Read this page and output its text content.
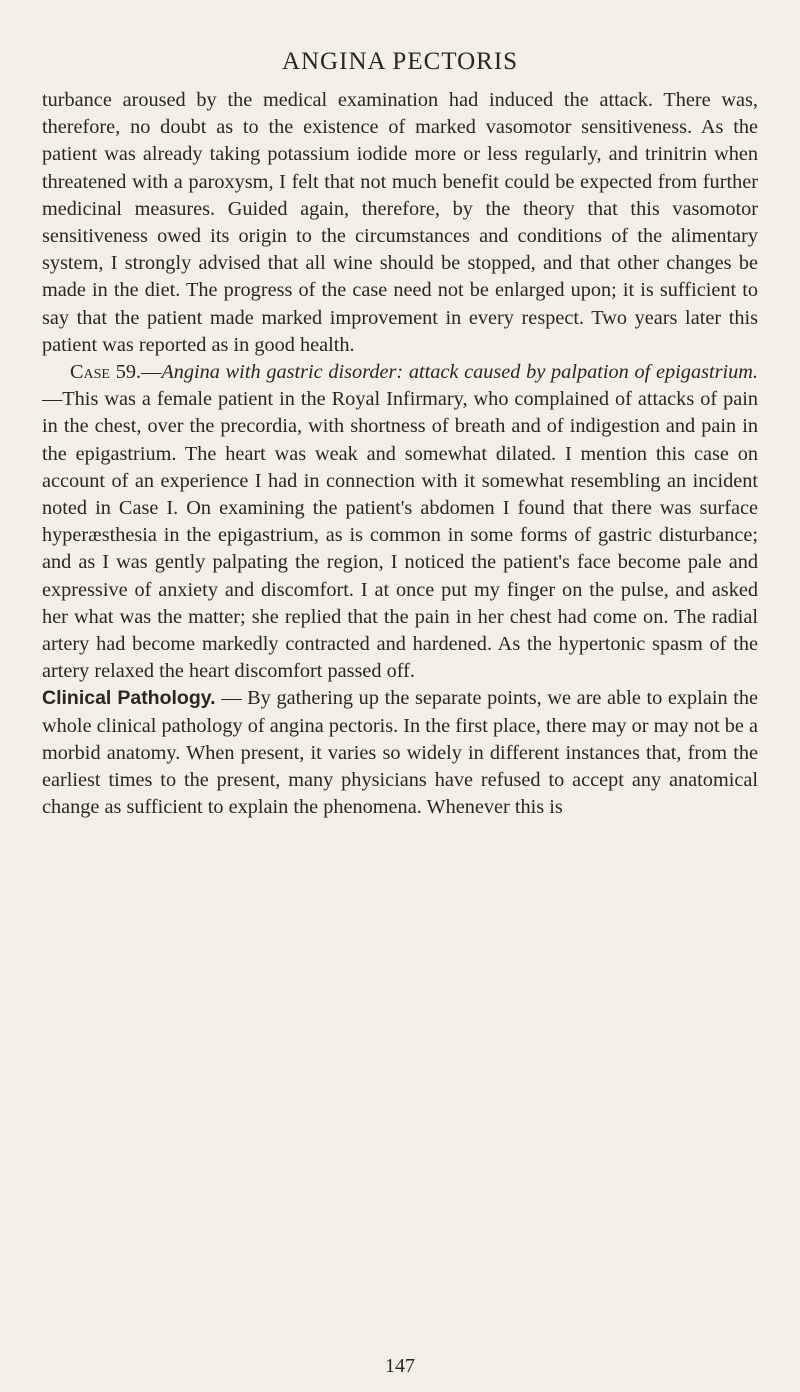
ANGINA PECTORIS

turbance aroused by the medical examination had induced the attack. There was, therefore, no doubt as to the existence of marked vasomotor sensitiveness. As the patient was already taking potassium iodide more or less regularly, and trinitrin when threatened with a paroxysm, I felt that not much benefit could be expected from further medicinal measures. Guided again, therefore, by the theory that this vasomotor sensitiveness owed its origin to the circumstances and conditions of the alimentary system, I strongly advised that all wine should be stopped, and that other changes be made in the diet. The progress of the case need not be enlarged upon; it is sufficient to say that the patient made marked improvement in every respect. Two years later this patient was reported as in good health.

Case 59.—Angina with gastric disorder: attack caused by palpation of epigastrium.—This was a female patient in the Royal Infirmary, who complained of attacks of pain in the chest, over the precordia, with shortness of breath and of indigestion and pain in the epigastrium. The heart was weak and somewhat dilated. I mention this case on account of an experience I had in connection with it somewhat resembling an incident noted in Case I. On examining the patient's abdomen I found that there was surface hyperæsthesia in the epigastrium, as is common in some forms of gastric disturbance; and as I was gently palpating the region, I noticed the patient's face become pale and expressive of anxiety and discomfort. I at once put my finger on the pulse, and asked her what was the matter; she replied that the pain in her chest had come on. The radial artery had become markedly contracted and hardened. As the hypertonic spasm of the artery relaxed the heart discomfort passed off.

Clinical Pathology. — By gathering up the separate points, we are able to explain the whole clinical pathology of angina pectoris. In the first place, there may or may not be a morbid anatomy. When present, it varies so widely in different instances that, from the earliest times to the present, many physicians have refused to accept any anatomical change as sufficient to explain the phenomena. Whenever this is

147
